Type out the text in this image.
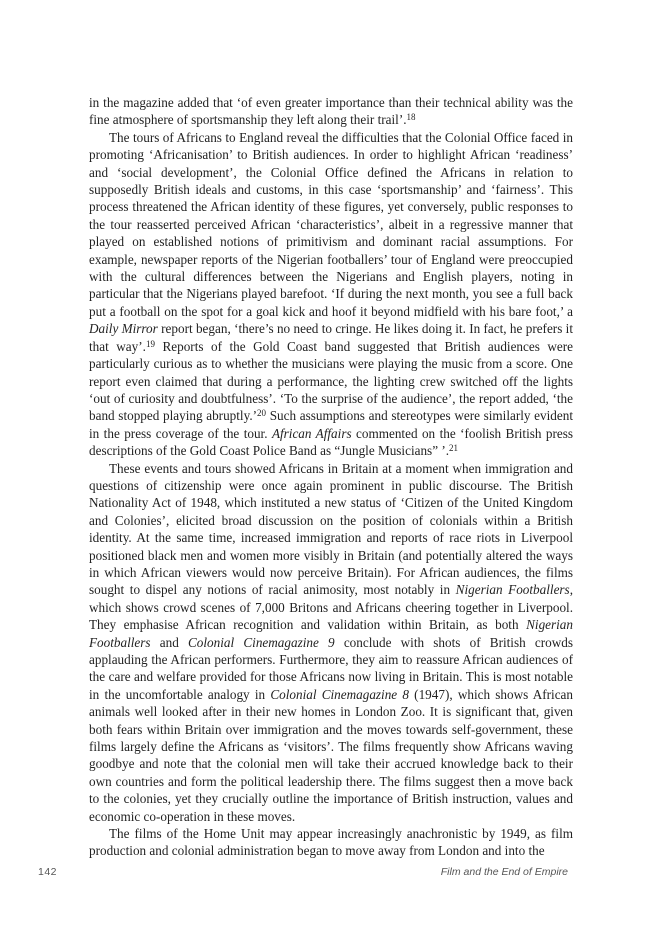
in the magazine added that ‘of even greater importance than their technical ability was the fine atmosphere of sportsmanship they left along their trail’.$^{18}$

The tours of Africans to England reveal the difficulties that the Colonial Office faced in promoting ‘Africanisation’ to British audiences. In order to highlight African ‘readiness’ and ‘social development’, the Colonial Office defined the Africans in relation to supposedly British ideals and customs, in this case ‘sportsmanship’ and ‘fairness’. This process threatened the African identity of these figures, yet conversely, public responses to the tour reasserted perceived African ‘characteristics’, albeit in a regressive manner that played on established notions of primitivism and dominant racial assumptions. For example, newspaper reports of the Nigerian footballers’ tour of England were preoccupied with the cultural differences between the Nigerians and English players, noting in particular that the Nigerians played barefoot. ‘If during the next month, you see a full back put a football on the spot for a goal kick and hoof it beyond midfield with his bare foot,’ a Daily Mirror report began, ‘there’s no need to cringe. He likes doing it. In fact, he prefers it that way’.$^{19}$ Reports of the Gold Coast band suggested that British audiences were particularly curious as to whether the musicians were playing the music from a score. One report even claimed that during a performance, the lighting crew switched off the lights ‘out of curiosity and doubtfulness’. ‘To the surprise of the audience’, the report added, ‘the band stopped playing abruptly.’$^{20}$ Such assumptions and stereotypes were similarly evident in the press coverage of the tour. African Affairs commented on the ‘foolish British press descriptions of the Gold Coast Police Band as “Jungle Musicians” ’.$^{21}$

These events and tours showed Africans in Britain at a moment when immigration and questions of citizenship were once again prominent in public discourse. The British Nationality Act of 1948, which instituted a new status of ‘Citizen of the United Kingdom and Colonies’, elicited broad discussion on the position of colonials within a British identity. At the same time, increased immigration and reports of race riots in Liverpool positioned black men and women more visibly in Britain (and potentially altered the ways in which African viewers would now perceive Britain). For African audiences, the films sought to dispel any notions of racial animosity, most notably in Nigerian Footballers, which shows crowd scenes of 7,000 Britons and Africans cheering together in Liverpool. They emphasise African recognition and validation within Britain, as both Nigerian Footballers and Colonial Cinemagazine 9 conclude with shots of British crowds applauding the African performers. Furthermore, they aim to reassure African audiences of the care and welfare provided for those Africans now living in Britain. This is most notable in the uncomfortable analogy in Colonial Cinemagazine 8 (1947), which shows African animals well looked after in their new homes in London Zoo. It is significant that, given both fears within Britain over immigration and the moves towards self-government, these films largely define the Africans as ‘visitors’. The films frequently show Africans waving goodbye and note that the colonial men will take their accrued knowledge back to their own countries and form the political leadership there. The films suggest then a move back to the colonies, yet they crucially outline the importance of British instruction, values and economic co-operation in these moves.

The films of the Home Unit may appear increasingly anachronistic by 1949, as film production and colonial administration began to move away from London and into the

142	Film and the End of Empire
